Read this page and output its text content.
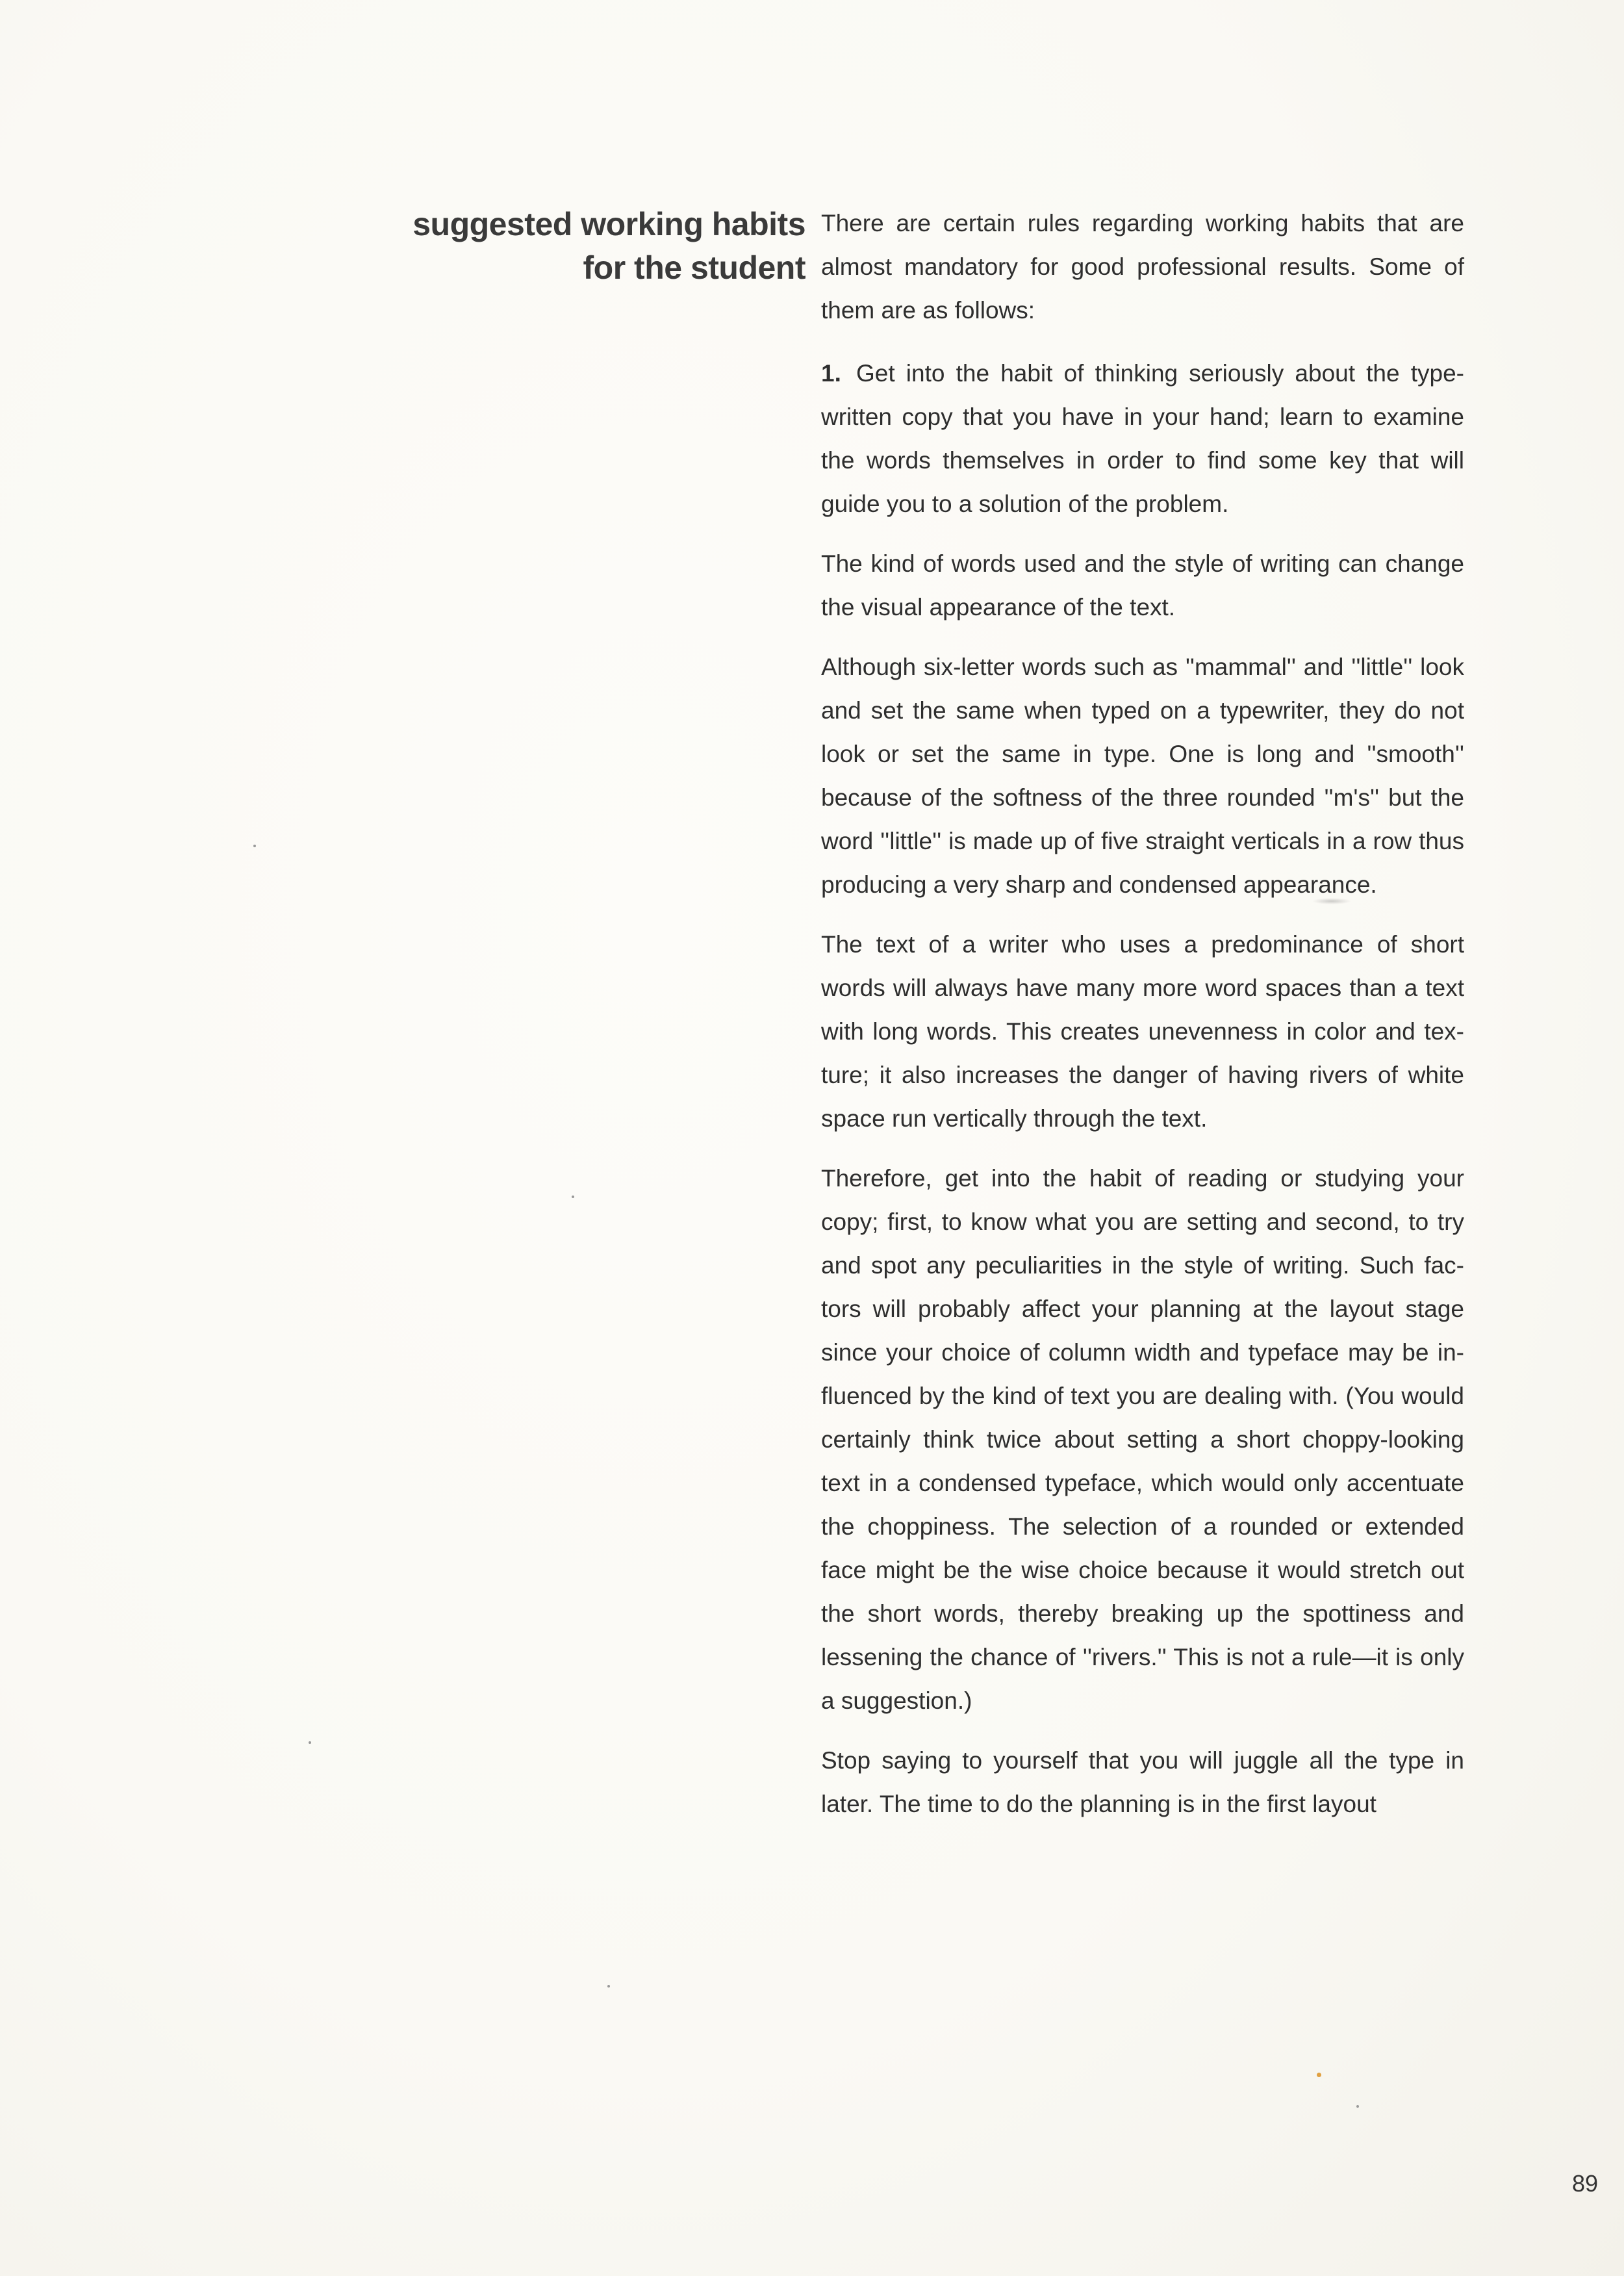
suggested working habits
for the student

There are certain rules regarding working habits that are almost mandatory for good professional results. Some of them are as follows:

1. Get into the habit of thinking seriously about the type-written copy that you have in your hand; learn to examine the words themselves in order to find some key that will guide you to a solution of the problem.

The kind of words used and the style of writing can change the visual appearance of the text.

Although six-letter words such as ''mammal'' and ''little'' look and set the same when typed on a typewriter, they do not look or set the same in type. One is long and ''smooth'' because of the softness of the three rounded ''m's'' but the word ''little'' is made up of five straight verticals in a row thus producing a very sharp and condensed appearance.

The text of a writer who uses a predominance of short words will always have many more word spaces than a text with long words. This creates unevenness in color and tex-ture; it also increases the danger of having rivers of white space run vertically through the text.

Therefore, get into the habit of reading or studying your copy; first, to know what you are setting and second, to try and spot any peculiarities in the style of writing. Such fac-tors will probably affect your planning at the layout stage since your choice of column width and typeface may be in-fluenced by the kind of text you are dealing with. (You would certainly think twice about setting a short choppy-looking text in a condensed typeface, which would only accentuate the choppiness. The selection of a rounded or extended face might be the wise choice because it would stretch out the short words, thereby breaking up the spottiness and lessening the chance of ''rivers.'' This is not a rule—it is only a suggestion.)

Stop saying to yourself that you will juggle all the type in later. The time to do the planning is in the first layout

89
